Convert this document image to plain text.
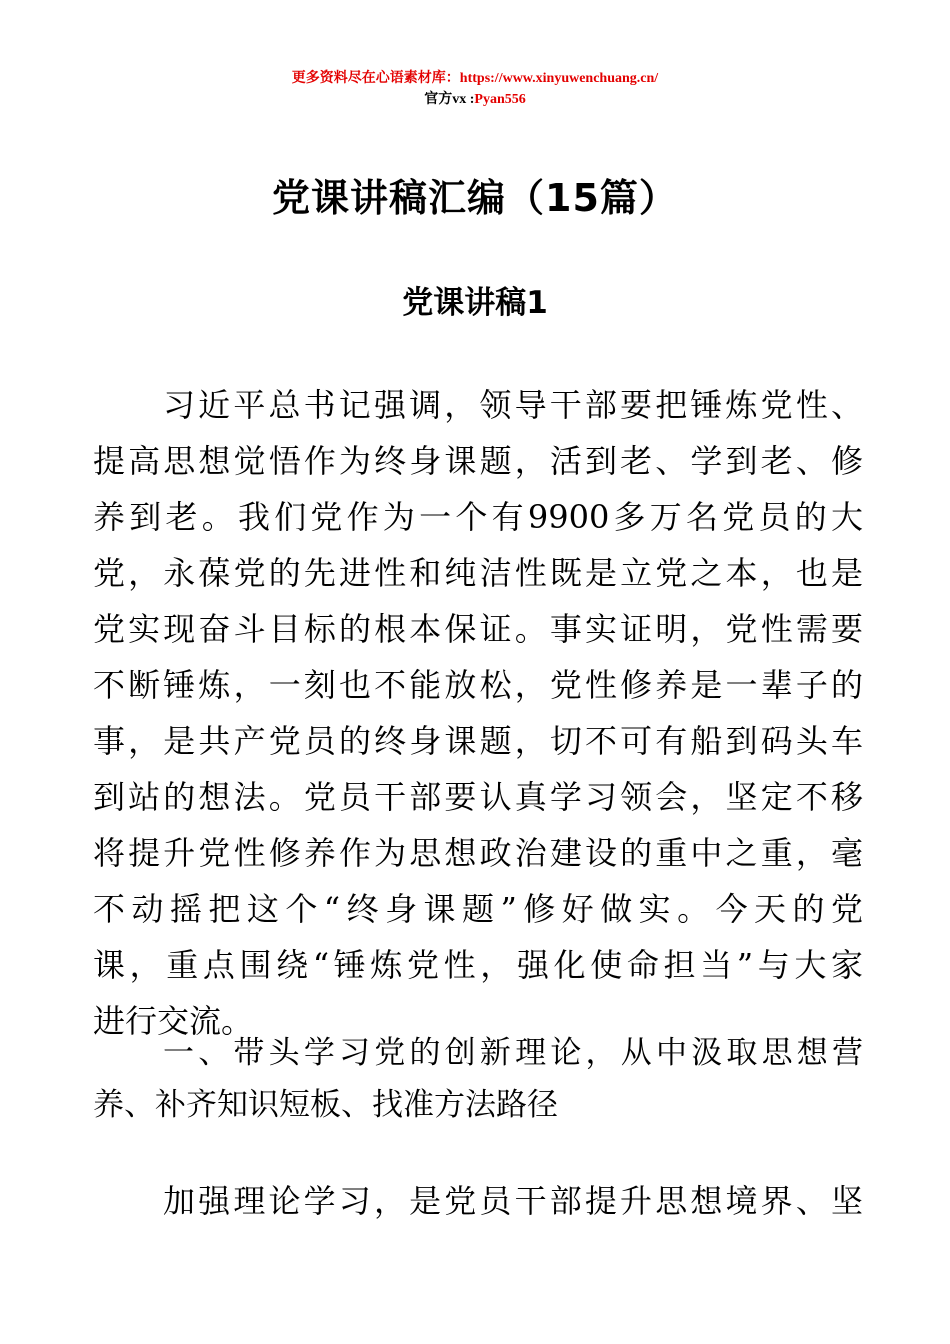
更多资料尽在心语素材库：https://www.xinyuwenchuang.cn/
官方vx :Pyan556
党课讲稿汇编（15篇）
党课讲稿1
习近平总书记强调，领导干部要把锤炼党性、
提高思想觉悟作为终身课题，活到老、学到老、修
养到老。我们党作为一个有9900多万名党员的大
党，永葆党的先进性和纯洁性既是立党之本，也是
党实现奋斗目标的根本保证。事实证明，党性需要
不断锤炼，一刻也不能放松，党性修养是一辈子的
事，是共产党员的终身课题，切不可有船到码头车
到站的想法。党员干部要认真学习领会，坚定不移
将提升党性修养作为思想政治建设的重中之重，毫
不动摇把这个“终身课题”修好做实。今天的党
课，重点围绕“锤炼党性，强化使命担当”与大家
进行交流。
一、带头学习党的创新理论，从中汲取思想营
养、补齐知识短板、找准方法路径
加强理论学习，是党员干部提升思想境界、坚
